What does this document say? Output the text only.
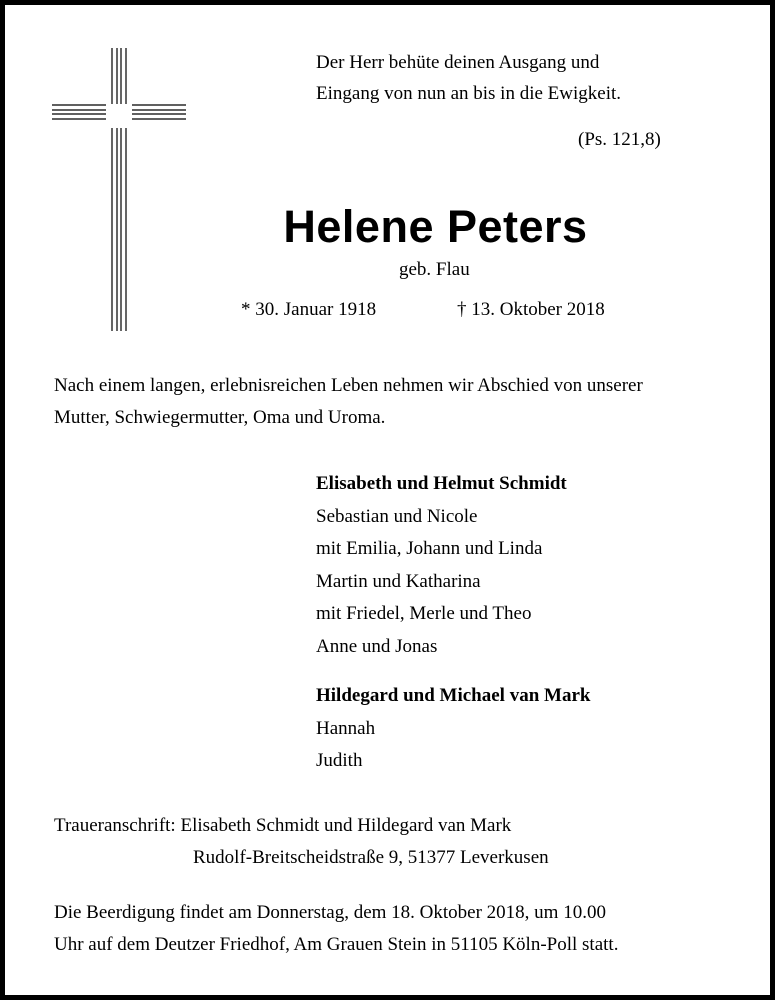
Der Herr behüte deinen Ausgang und
Eingang von nun an bis in die Ewigkeit.
(Ps. 121,8)
Helene Peters
geb. Flau
* 30. Januar 1918	† 13. Oktober 2018
Nach einem langen, erlebnisreichen Leben nehmen wir Abschied von unserer
Mutter, Schwiegermutter, Oma und Uroma.
Elisabeth und Helmut Schmidt
Sebastian und Nicole
mit Emilia, Johann und Linda
Martin und Katharina
mit Friedel, Merle und Theo
Anne und Jonas
Hildegard und Michael van Mark
Hannah
Judith
Traueranschrift: Elisabeth Schmidt und Hildegard van Mark
Rudolf-Breitscheidstraße 9, 51377 Leverkusen
Die Beerdigung findet am Donnerstag, dem 18. Oktober 2018, um 10.00
Uhr auf dem Deutzer Friedhof, Am Grauen Stein in 51105 Köln-Poll statt.
